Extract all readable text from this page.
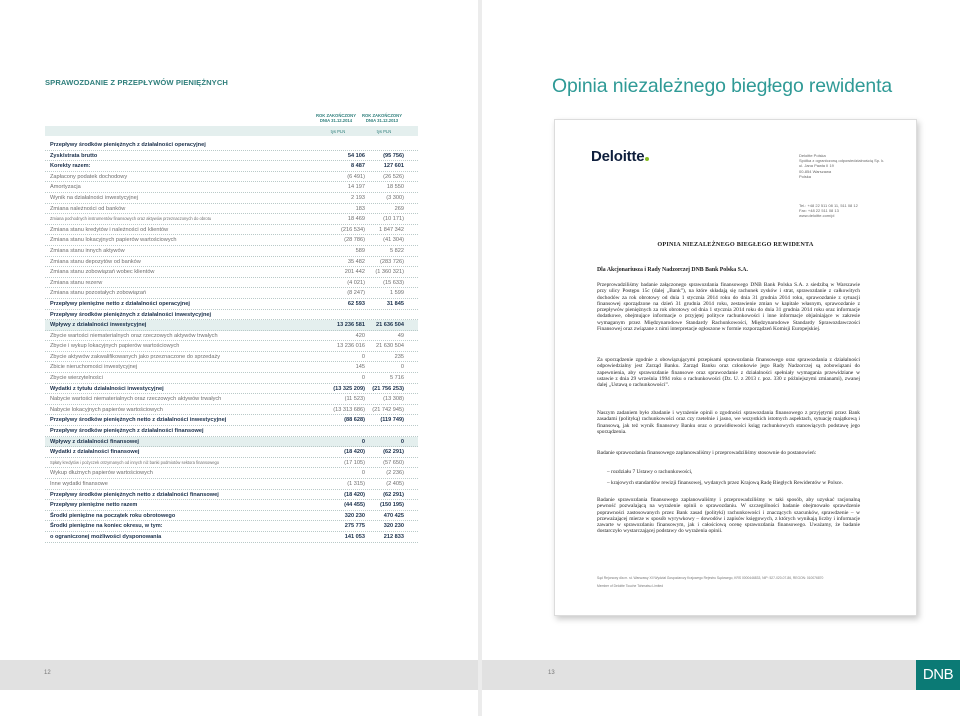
SPRAWOZDANIE Z PRZEPŁYWÓW PIENIĘŻNYCH
ROK ZAKOŃCZONY
DNIA 31.12.2014
ROK ZAKOŃCZONY
DNIA 31.12.2013
tys PLN	tys PLN
Przepływy środków pieniężnych z działalności operacyjnej
Zysk/strata brutto	54 106	(95 756)
Korekty razem:	8 487	127 601
Zapłacony podatek dochodowy	(6 491)	(26 526)
Amortyzacja	14 197	18 550
Wynik na działalności inwestycyjnej	2 193	(3 300)
Zmiana należności od banków	183	269
Zmiana pochodnych instrumentów finansowych oraz aktywów przeznaczonych do obrotu	18 469	(10 171)
Zmiana stanu kredytów i należności od klientów	(216 534)	1 847 342
Zmiana stanu lokacyjnych papierów wartościowych	(28 786)	(41 304)
Zmiana stanu innych aktywów	589	5 822
Zmiana stanu depozytów od banków	35 482	(283 726)
Zmiana stanu zobowiązań wobec klientów	201 442	(1 360 321)
Zmiana stanu rezerw	(4 021)	(15 633)
Zmiana stanu pozostałych zobowiązań	(8 247)	1 599
Przepływy pieniężne netto z działalności operacyjnej	62 593	31 845
Przepływy środków pieniężnych z działalności inwestycyjnej
Wpływy z działalności inwestycyjnej	13 236 581	21 636 504
Zbycie wartości niematerialnych oraz rzeczowych aktywów trwałych	420	49
Zbycie i wykup lokacyjnych papierów wartościowych	13 236 016	21 630 504
Zbycie aktywów zakwalifikowanych jako przeznaczone do sprzedaży	0	235
Zbicie nieruchomości inwestycyjnej	145	0
Zbycie wierzytelności	0	5 716
Wydatki z tytułu działalności inwestycyjnej	(13 325 209)	(21 756 253)
Nabycie wartości niematerialnych oraz rzeczowych aktywów trwałych	(11 523)	(13 308)
Nabycie lokacyjnych papierów wartościowych	(13 313 686)	(21 742 945)
Przepływy środków pieniężnych netto z działalności inwestycyjnej	(88 628)	(119 749)
Przepływy środków pieniężnych z działalności finansowej
Wpływy z działalności finansowej	0	0
Wydatki z działalności finansowej	(18 420)	(62 291)
Spłaty kredytów i pożyczek otrzymanych od innych niż banki podmiotów sektora finansowego	(17 105)	(57 650)
Wykup dłużnych papierów wartościowych	0	(2 236)
Inne wydatki finansowe	(1 315)	(2 405)
Przepływy środków pieniężnych netto z działalności finansowej	(18 420)	(62 291)
Przepływy pieniężne netto razem	(44 455)	(150 195)
Środki pieniężne na początek roku obrotowego	320 230	470 425
Środki pieniężne na koniec okresu, w tym:	275 775	320 230
o ograniczonej możliwości dysponowania	141 053	212 833
12
Opinia niezależnego biegłego rewidenta
Deloitte	Deloitte Polska
Spółka z ograniczoną odpowiedzialnością Sp. k.
ul. Jana Pawła II 19
00-854 Warszawa
Polska
Tel.: +48 22 511 08 11, 511 08 12
Fax: +48 22 511 08 13
www.deloitte.com/pl
OPINIA NIEZALEŻNEGO BIEGŁEGO REWIDENTA
Dla Akcjonariusza i Rady Nadzorczej DNB Bank Polska S.A.
Przeprowadziliśmy badanie załączonego sprawozdania finansowego DNB Bank Polska S.A. z siedzibą w Warszawie przy ulicy Postępu 15c (dalej „Bank”), na które składają się rachunek zysków i strat, sprawozdanie z całkowitych dochodów za rok obrotowy od dnia 1 stycznia 2014 roku do dnia 31 grudnia 2014 roku, sprawozdanie z sytuacji finansowej sporządzone na dzień 31 grudnia 2014 roku, zestawienie zmian w kapitale własnym, sprawozdanie z przepływów pieniężnych za rok obrotowy od dnia 1 stycznia 2014 roku do dnia 31 grudnia 2014 roku oraz informacje dodatkowe, obejmujące informacje o przyjętej polityce rachunkowości i inne informacje objaśniające w zakresie wymaganym przez Międzynarodowe Standardy Rachunkowości, Międzynarodowe Standardy Sprawozdawczości Finansowej oraz związane z nimi interpretacje ogłoszone w formie rozporządzeń Komisji Europejskiej.
Za sporządzenie zgodnie z obowiązującymi przepisami sprawozdania finansowego oraz sprawozdania z działalności odpowiedzialny jest Zarząd Banku. Zarząd Banku oraz członkowie jego Rady Nadzorczej są zobowiązani do zapewnienia, aby sprawozdanie finansowe oraz sprawozdanie z działalności spełniały wymagania przewidziane w ustawie z dnia 29 września 1994 roku o rachunkowości (Dz. U. z 2013 r. poz. 330 z późniejszymi zmianami), zwanej dalej „Ustawą o rachunkowości”.
Naszym zadaniem było zbadanie i wyrażenie opinii o zgodności sprawozdania finansowego z przyjętymi przez Bank zasadami (polityką) rachunkowości oraz czy rzetelnie i jasno, we wszystkich istotnych aspektach, sytuację majątkową i finansową, jak też wynik finansowy Banku oraz o prawidłowości ksiąg rachunkowych stanowiących podstawę jego sporządzenia.
Badanie sprawozdania finansowego zaplanowaliśmy i przeprowadziliśmy stosownie do postanowień:
– rozdziału 7 Ustawy o rachunkowości,
– krajowych standardów rewizji finansowej, wydanych przez Krajową Radę Biegłych Rewidentów w Polsce.
Badanie sprawozdania finansowego zaplanowaliśmy i przeprowadziliśmy w taki sposób, aby uzyskać racjonalną pewność pozwalającą na wyrażenie opinii o sprawozdaniu. W szczególności badanie obejmowało sprawdzenie poprawności zastosowanych przez Bank zasad (polityki) rachunkowości i znaczących szacunków, sprawdzenie – w przeważającej mierze w sposób wyrywkowy – dowodów i zapisów księgowych, z których wynikają liczby i informacje zawarte w sprawozdaniu finansowym, jak i całościową ocenę sprawozdania finansowego. Uważamy, że badanie dostarczyło wystarczającej podstawy do wyrażenia opinii.
Sąd Rejonowy dla m. st. Warszawy XII Wydział Gospodarczy Krajowego Rejestru Sądowego, KRS 0000446833, NIP: 527-020-07-86, REGON: 010076870
Member of Deloitte Touche Tohmatsu Limited
13	DNB
